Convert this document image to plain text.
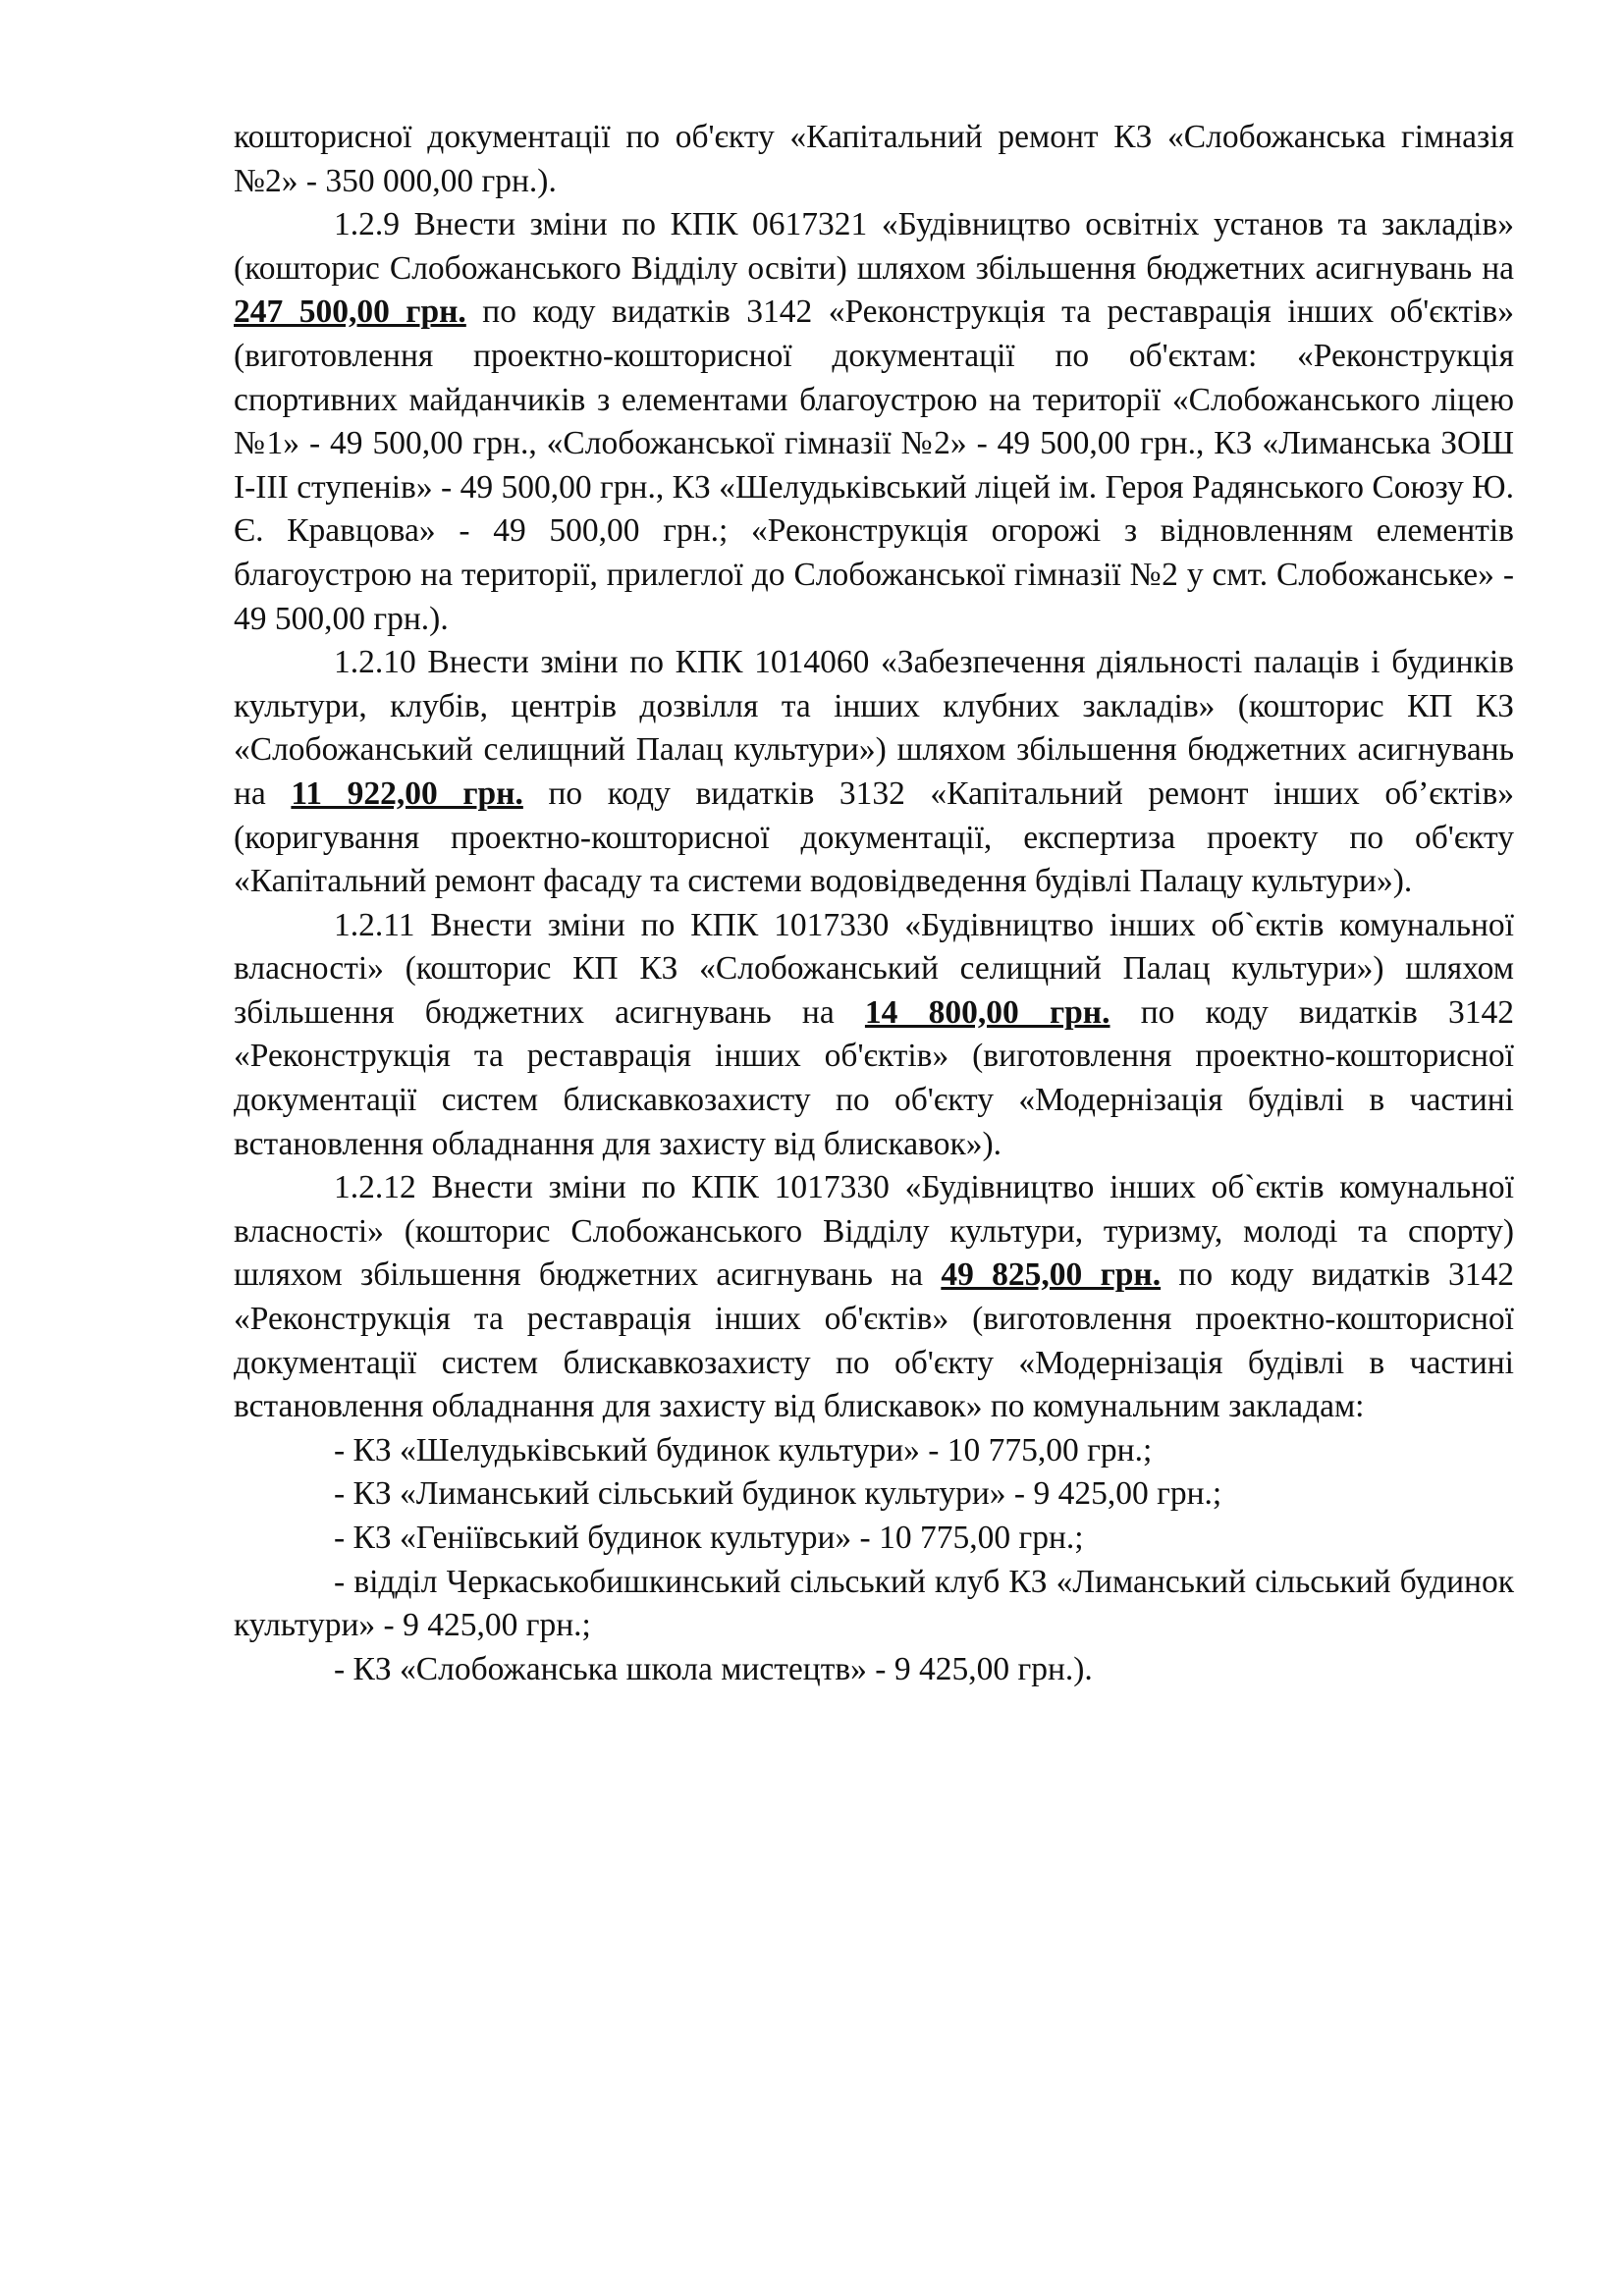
кошторисної документації по об'єкту «Капітальний ремонт КЗ «Слобожанська гімназія №2» - 350 000,00 грн.).

1.2.9 Внести зміни по КПК 0617321 «Будівництво освітніх установ та закладів» (кошторис Слобожанського Відділу освіти) шляхом збільшення бюджетних асигнувань на 247 500,00 грн. по коду видатків 3142 «Реконструкція та реставрація інших об'єктів» (виготовлення проектно-кошторисної документації по об'єктам: «Реконструкція спортивних майданчиків з елементами благоустрою на території «Слобожанського ліцею №1» - 49 500,00 грн., «Слобожанської гімназії №2» - 49 500,00 грн., КЗ «Лиманська ЗОШ І-ІІІ ступенів» - 49 500,00 грн., КЗ «Шелудьківський ліцей ім. Героя Радянського Союзу Ю. Є. Кравцова» - 49 500,00 грн.; «Реконструкція огорожі з відновленням елементів благоустрою на території, прилеглої до Слобожанської гімназії №2 у смт. Слобожанське» - 49 500,00 грн.).

1.2.10 Внести зміни по КПК 1014060 «Забезпечення діяльності палаців і будинків культури, клубів, центрів дозвілля та інших клубних закладів» (кошторис КП КЗ «Слобожанський селищний Палац культури») шляхом збільшення бюджетних асигнувань на 11 922,00 грн. по коду видатків 3132 «Капітальний ремонт інших об’єктів» (коригування проектно-кошторисної документації, експертиза проекту по об'єкту «Капітальний ремонт фасаду та системи водовідведення будівлі Палацу культури»).

1.2.11 Внести зміни по КПК 1017330 «Будівництво інших об`єктів комунальної власності» (кошторис КП КЗ «Слобожанський селищний Палац культури») шляхом збільшення бюджетних асигнувань на 14 800,00 грн. по коду видатків 3142 «Реконструкція та реставрація інших об'єктів» (виготовлення проектно-кошторисної документації систем блискавкозахисту по об'єкту «Модернізація будівлі в частині встановлення обладнання для захисту від блискавок»).

1.2.12 Внести зміни по КПК 1017330 «Будівництво інших об`єктів комунальної власності» (кошторис Слобожанського Відділу культури, туризму, молоді та спорту) шляхом збільшення бюджетних асигнувань на 49 825,00 грн. по коду видатків 3142 «Реконструкція та реставрація інших об'єктів» (виготовлення проектно-кошторисної документації систем блискавкозахисту по об'єкту «Модернізація будівлі в частині встановлення обладнання для захисту від блискавок» по комунальним закладам:

- КЗ «Шелудьківський будинок культури» - 10 775,00 грн.;

- КЗ «Лиманський сільський будинок культури» - 9 425,00 грн.;

- КЗ «Геніївський будинок культури» - 10 775,00 грн.;

- відділ Черкаськобишкинський сільський клуб КЗ «Лиманський сільський будинок культури» - 9 425,00 грн.;

- КЗ «Слобожанська школа мистецтв» - 9 425,00 грн.).
